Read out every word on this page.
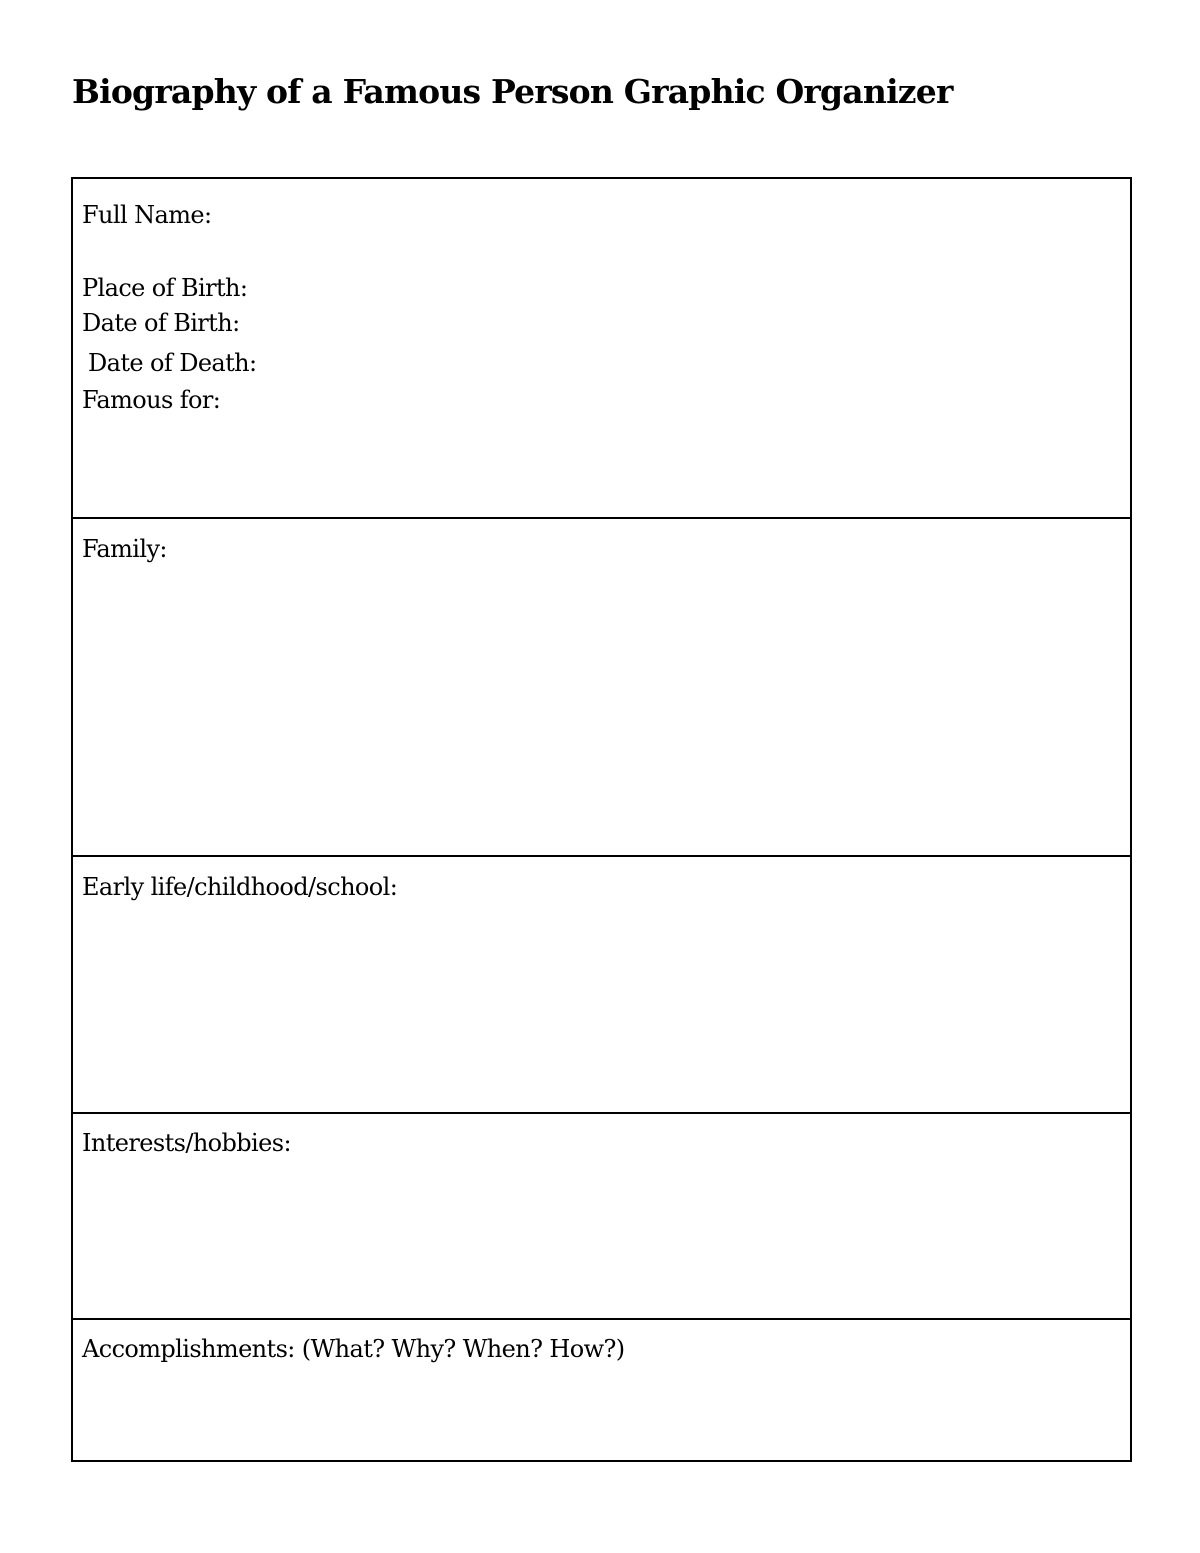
Biography of a Famous Person Graphic Organizer
Full Name:
Place of Birth:
Date of Birth:
Date of Death:
Famous for:
Family:
Early life/childhood/school:
Interests/hobbies:
Accomplishments: (What? Why? When? How?)
